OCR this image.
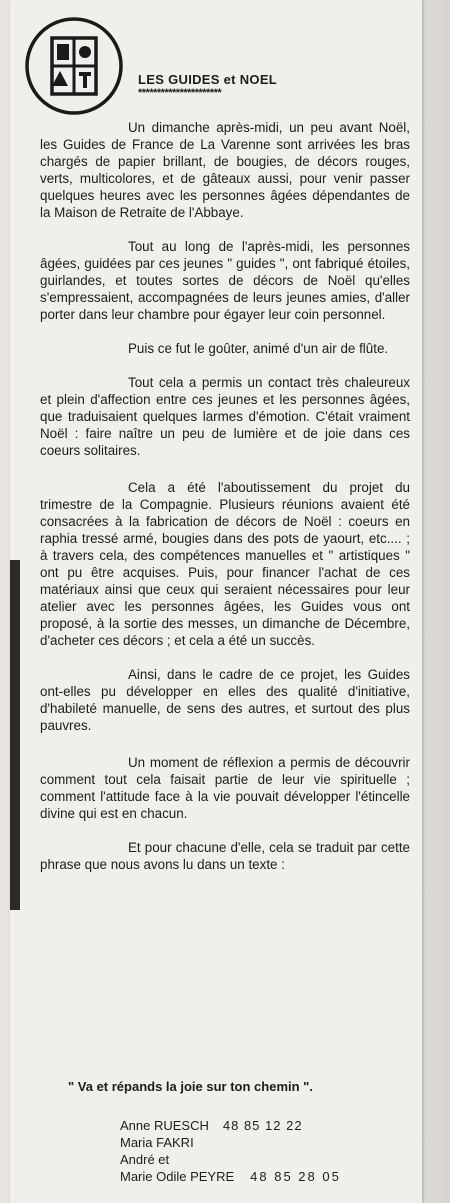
LES GUIDES et NOEL
**********************

Un dimanche après-midi, un peu avant Noël, les Guides de France de La Varenne sont arrivées les bras chargés de papier brillant, de bougies, de décors rouges, verts, multicolores, et de gâteaux aussi, pour venir passer quelques heures avec les personnes âgées dépendantes de la Maison de Retraite de l'Abbaye.

Tout au long de l'après-midi, les personnes âgées, guidées par ces jeunes " guides ", ont fabriqué étoiles, guirlandes, et toutes sortes de décors de Noël qu'elles s'empressaient, accompagnées de leurs jeunes amies, d'aller porter dans leur chambre pour égayer leur coin personnel.

Puis ce fut le goûter, animé d'un air de flûte.

Tout cela a permis un contact très chaleureux et plein d'affection entre ces jeunes et les personnes âgées, que traduisaient quelques larmes d'émotion. C'était vraiment Noël : faire naître un peu de lumière et de joie dans ces coeurs solitaires.

Cela a été l'aboutissement du projet du trimestre de la Compagnie. Plusieurs réunions avaient été consacrées à la fabrication de décors de Noël : coeurs en raphia tressé armé, bougies dans des pots de yaourt, etc.... ; à travers cela, des compétences manuelles et " artistiques " ont pu être acquises. Puis, pour financer l'achat de ces matériaux ainsi que ceux qui seraient nécessaires pour leur atelier avec les personnes âgées, les Guides vous ont proposé, à la sortie des messes, un dimanche de Décembre, d'acheter ces décors ; et cela a été un succès.

Ainsi, dans le cadre de ce projet, les Guides ont-elles pu développer en elles des qualité d'initiative, d'habileté manuelle, de sens des autres, et surtout des plus pauvres.

Un moment de réflexion a permis de découvrir comment tout cela faisait partie de leur vie spirituelle ; comment l'attitude face à la vie pouvait développer l'étincelle divine qui est en chacun.

Et pour chacune d'elle, cela se traduit par cette phrase que nous avons lu dans un texte :

" Va et répands la joie sur ton chemin ".
Anne RUESCH 48 85 12 22
Maria FAKRI
André et
Marie Odile PEYRE 48 85 28 05
